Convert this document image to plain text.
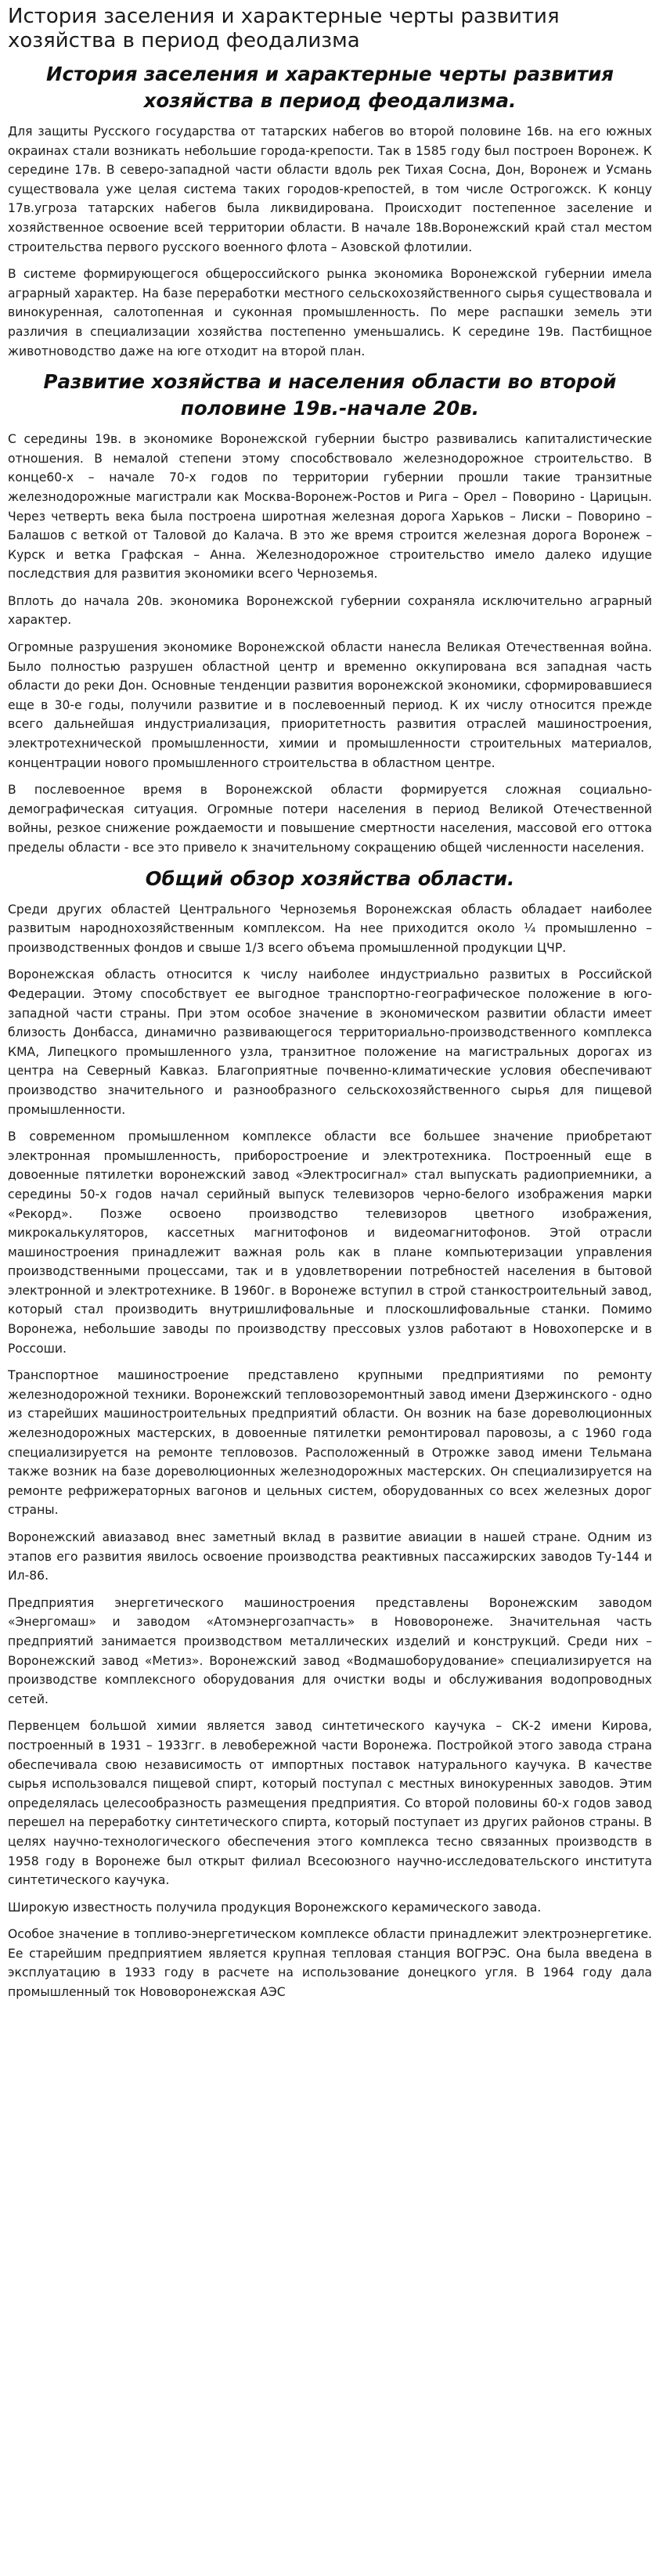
История заселения и характерные черты развития хозяйства в период феодализма
История заселения и характерные черты развития хозяйства в период феодализма.

Для защиты Русского государства от татарских набегов во второй половине 16в. на его южных окраинах стали возникать небольшие города-крепости. Так в 1585 году был построен Воронеж. К середине 17в. В северо-западной части области вдоль рек Тихая Сосна, Дон, Воронеж и Усмань существовала уже целая система таких городов-крепостей, в том числе Острогожск. К концу 17в.угроза татарских набегов была ликвидирована. Происходит постепенное заселение и хозяйственное освоение всей территории области. В начале 18в.Воронежский край стал местом строительства первого русского военного флота – Азовской флотилии.

В системе формирующегося общероссийского рынка экономика Воронежской губернии имела аграрный характер. На базе переработки местного сельскохозяйственного сырья существовала и винокуренная, салотопенная и суконная промышленность. По мере распашки земель эти различия в специализации хозяйства постепенно уменьшались. К середине 19в. Пастбищное животноводство даже на юге отходит на второй план.

Развитие хозяйства и населения области во второй половине 19в.-начале 20в.

С середины 19в. в экономике Воронежской губернии быстро развивались капиталистические отношения. В немалой степени этому способствовало железнодорожное строительство. В конце60-х – начале 70-х годов по территории губернии прошли такие транзитные железнодорожные магистрали как Москва-Воронеж-Ростов и Рига – Орел – Поворино - Царицын. Через четверть века была построена широтная железная дорога Харьков – Лиски – Поворино – Балашов с веткой от Таловой до Калача. В это же время строится железная дорога Воронеж – Курск и ветка Графская – Анна. Железнодорожное строительство имело далеко идущие последствия для развития экономики всего Черноземья.

Вплоть до начала 20в. экономика Воронежской губернии сохраняла исключительно аграрный характер.

Огромные разрушения экономике Воронежской области нанесла Великая Отечественная война. Было полностью разрушен областной центр и временно оккупирована вся западная часть области до реки Дон. Основные тенденции развития воронежской экономики, сформировавшиеся еще в 30-е годы, получили развитие и в послевоенный период. К их числу относится прежде всего дальнейшая индустриализация, приоритетность развития отраслей машиностроения, электротехнической промышленности, химии и промышленности строительных материалов, концентрации нового промышленного строительства в областном центре.

В послевоенное время в Воронежской области формируется сложная социально-демографическая ситуация. Огромные потери населения в период Великой Отечественной войны, резкое снижение рождаемости и повышение смертности населения, массовой его оттока пределы области - все это привело к значительному сокращению общей численности населения.

Общий обзор хозяйства области.

Среди других областей Центрального Черноземья Воронежская область обладает наиболее развитым народнохозяйственным комплексом. На нее приходится около ¼ промышленно – производственных фондов и свыше 1/3 всего объема промышленной продукции ЦЧР.

Воронежская область относится к числу наиболее индустриально развитых в Российской Федерации. Этому способствует ее выгодное транспортно-географическое положение в юго-западной части страны. При этом особое значение в экономическом развитии области имеет близость Донбасса, динамично развивающегося территориально-производственного комплекса КМА, Липецкого промышленного узла, транзитное положение на магистральных дорогах из центра на Северный Кавказ. Благоприятные почвенно-климатические условия обеспечивают производство значительного и разнообразного сельскохозяйственного сырья для пищевой промышленности.

В современном промышленном комплексе области все большее значение приобретают электронная промышленность, приборостроение и электротехника. Построенный еще в довоенные пятилетки воронежский завод «Электросигнал» стал выпускать радиоприемники, а середины 50-х годов начал серийный выпуск телевизоров черно-белого изображения марки «Рекорд». Позже освоено производство телевизоров цветного изображения, микрокалькуляторов, кассетных магнитофонов и видеомагнитофонов. Этой отрасли машиностроения принадлежит важная роль как в плане компьютеризации управления производственными процессами, так и в удовлетворении потребностей населения в бытовой электронной и электротехнике. В 1960г. в Воронеже вступил в строй станкостроительный завод, который стал производить внутришлифовальные и плоскошлифовальные станки. Помимо Воронежа, небольшие заводы по производству прессовых узлов работают в Новохоперске и в Россоши.

Транспортное машиностроение представлено крупными предприятиями по ремонту железнодорожной техники. Воронежский тепловозоремонтный завод имени Дзержинского - одно из старейших машиностроительных предприятий области. Он возник на базе дореволюционных железнодорожных мастерских, в довоенные пятилетки ремонтировал паровозы, а с 1960 года специализируется на ремонте тепловозов. Расположенный в Отрожке завод имени Тельмана также возник на базе дореволюционных железнодорожных мастерских. Он специализируется на ремонте рефрижераторных вагонов и цельных систем, оборудованных со всех железных дорог страны.

Воронежский авиазавод внес заметный вклад в развитие авиации в нашей стране. Одним из этапов его развития явилось освоение производства реактивных пассажирских заводов Ту-144 и Ил-86.

Предприятия энергетического машиностроения представлены Воронежским заводом «Энергомаш» и заводом «Атомэнергозапчасть» в Нововоронеже. Значительная часть предприятий занимается производством металлических изделий и конструкций. Среди них – Воронежский завод «Метиз». Воронежский завод «Водмашоборудование» специализируется на производстве комплексного оборудования для очистки воды и обслуживания водопроводных сетей.

Первенцем большой химии является завод синтетического каучука – СК-2 имени Кирова, построенный в 1931 – 1933гг. в левобережной части Воронежа. Постройкой этого завода страна обеспечивала свою независимость от импортных поставок натурального каучука. В качестве сырья использовался пищевой спирт, который поступал с местных винокуренных заводов. Этим определялась целесообразность размещения предприятия. Со второй половины 60-х годов завод перешел на переработку синтетического спирта, который поступает из других районов страны. В целях научно-технологического обеспечения этого комплекса тесно связанных производств в 1958 году в Воронеже был открыт филиал Всесоюзного научно-исследовательского института синтетического каучука.

Широкую известность получила продукция Воронежского керамического завода.

Особое значение в топливо-энергетическом комплексе области принадлежит электроэнергетике. Ее старейшим предприятием является крупная тепловая станция ВОГРЭС. Она была введена в эксплуатацию в 1933 году в расчете на использование донецкого угля. В 1964 году дала промышленный ток Нововоронежская АЭС
